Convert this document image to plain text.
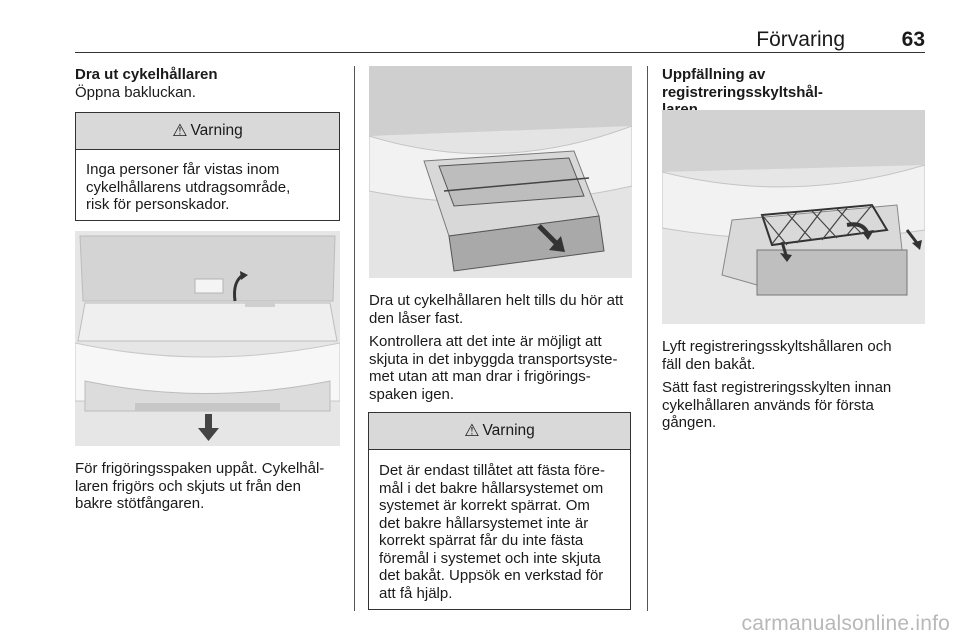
Förvaring	63
Dra ut cykelhållaren

Öppna bakluckan.

⚠ Varning
Inga personer får vistas inom
cykelhållarens utdragsområde,
risk för personskador.

För frigöringsspaken uppåt. Cykelhål-
laren frigörs och skjuts ut från den
bakre stötfångaren.

Dra ut cykelhållaren helt tills du hör att
den låser fast.

Kontrollera att det inte är möjligt att
skjuta in det inbyggda transportsyste-
met utan att man drar i frigörings-
spaken igen.

⚠ Varning
Det är endast tillåtet att fästa före-
mål i det bakre hållarsystemet om
systemet är korrekt spärrat. Om
det bakre hållarsystemet inte är
korrekt spärrat får du inte fästa
föremål i systemet och inte skjuta
det bakåt. Uppsök en verkstad för
att få hjälp.
Uppfällning av registreringsskyltshål-

Lyft registreringsskyltshållaren och
fäll den bakåt.

Sätt fast registreringsskylten innan
cykelhållaren används för första
gången.

carmanualsonline.info
